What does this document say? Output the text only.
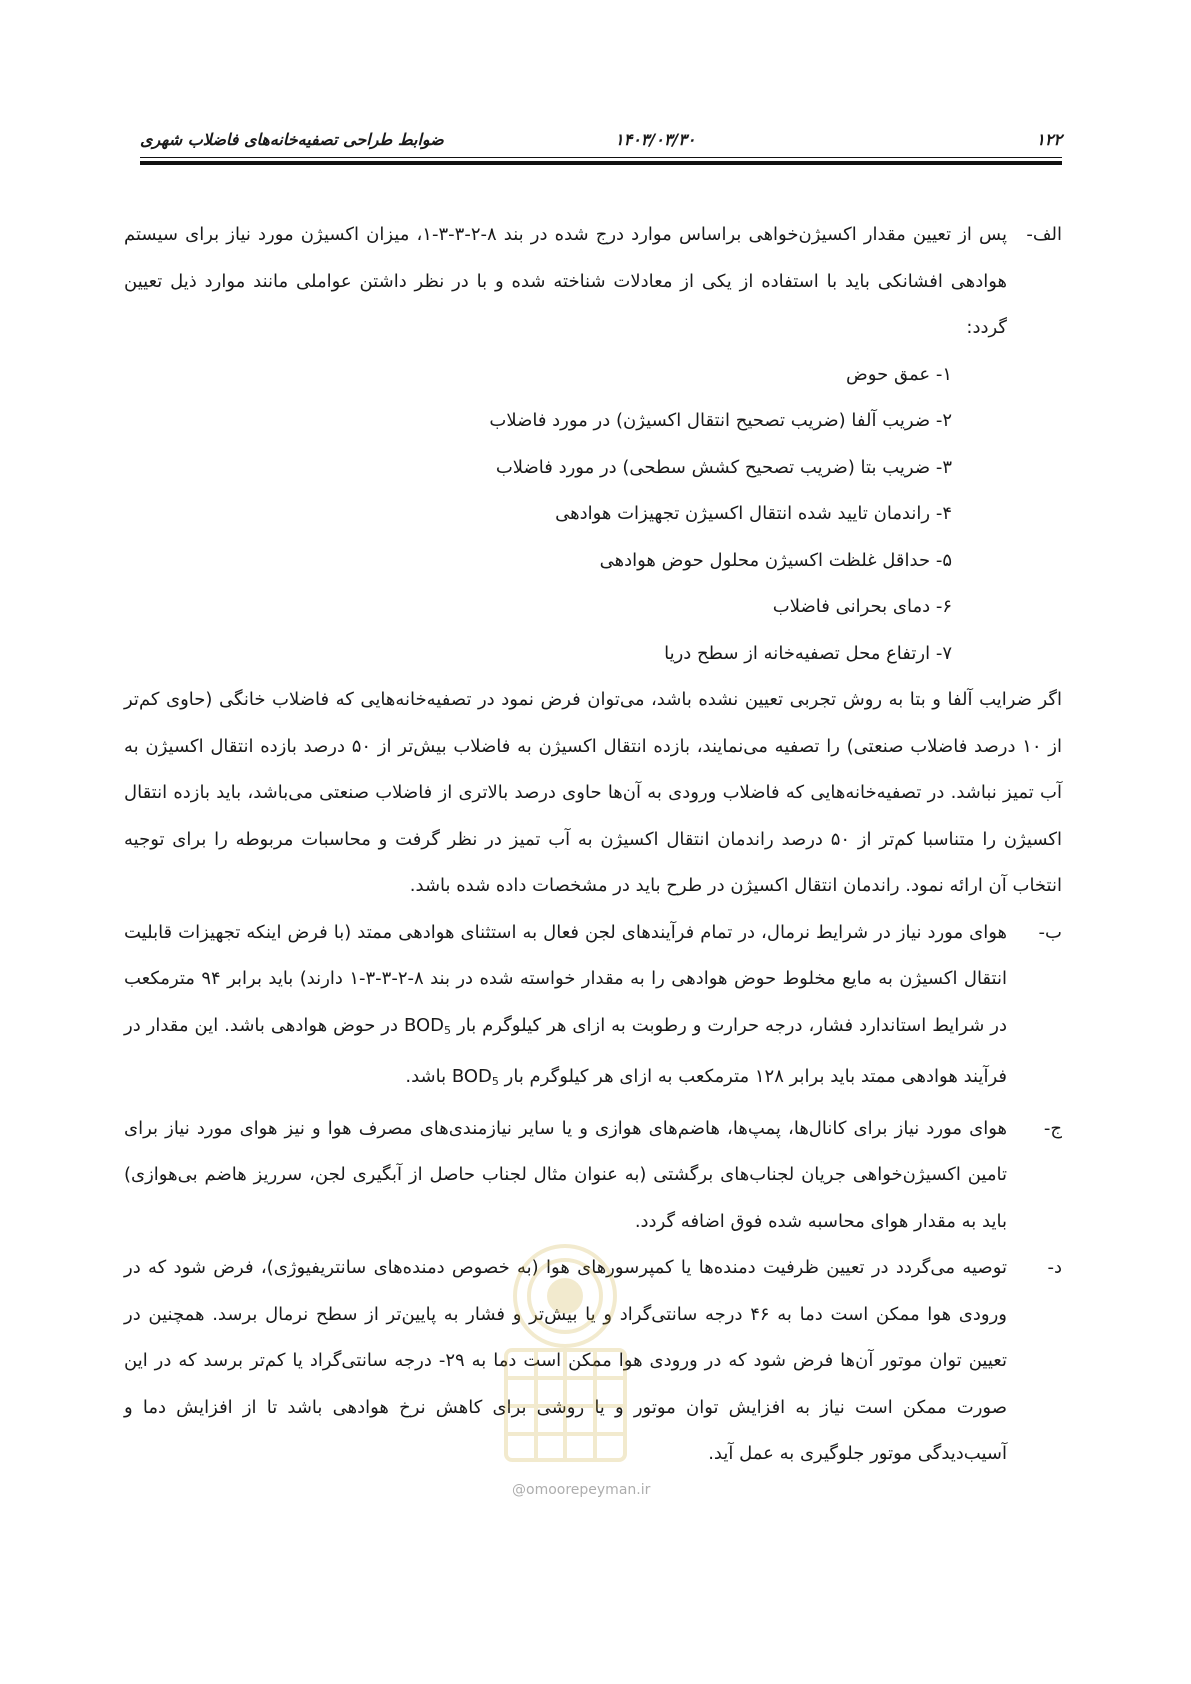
۱۲۲
۱۴۰۳/۰۳/۳۰
ضوابط طراحی تصفیه‌خانه‌های فاضلاب شهری
الف-

پس از تعیین مقدار اکسیژن‌خواهی براساس موارد درج شده در بند ۸-۲-۳-۳-۱، میزان اکسیژن مورد نیاز برای سیستم هوادهی افشانکی باید با استفاده از یکی از معادلات شناخته شده و با در نظر داشتن عواملی مانند موارد ذیل تعیین گردد:

۱- عمق حوض

۲- ضریب آلفا (ضریب تصحیح انتقال اکسیژن) در مورد فاضلاب

۳- ضریب بتا (ضریب تصحیح کشش سطحی) در مورد فاضلاب

۴- راندمان تایید شده انتقال اکسیژن تجهیزات هوادهی

۵- حداقل غلظت اکسیژن محلول حوض هوادهی

۶- دمای بحرانی فاضلاب

۷- ارتفاع محل تصفیه‌خانه از سطح دریا

اگر ضرایب آلفا و بتا به روش تجربی تعیین نشده باشد، می‌توان فرض نمود در تصفیه‌خانه‌هایی که فاضلاب خانگی (حاوی کم‌تر از ۱۰ درصد فاضلاب صنعتی) را تصفیه می‌نمایند، بازده انتقال اکسیژن به فاضلاب بیش‌تر از ۵۰ درصد بازده انتقال اکسیژن به آب تمیز نباشد. در تصفیه‌خانه‌هایی که فاضلاب ورودی به آن‌ها حاوی درصد بالاتری از فاضلاب صنعتی می‌باشد، باید بازده انتقال اکسیژن را متناسبا کم‌تر از ۵۰ درصد راندمان انتقال اکسیژن به آب تمیز در نظر گرفت و محاسبات مربوطه را برای توجیه انتخاب آن ارائه نمود. راندمان انتقال اکسیژن در طرح باید در مشخصات داده شده باشد.

ب-

هوای مورد نیاز در شرایط نرمال، در تمام فرآیندهای لجن فعال به استثنای هوادهی ممتد (با فرض اینکه تجهیزات قابلیت انتقال اکسیژن به مایع مخلوط حوض هوادهی را به مقدار خواسته شده در بند ۸-۲-۳-۳-۱ دارند) باید برابر ۹۴ مترمکعب در شرایط استاندارد فشار، درجه حرارت و رطوبت به ازای هر کیلوگرم بار $BOD_5$ در حوض هوادهی باشد. این مقدار در فرآیند هوادهی ممتد باید برابر ۱۲۸ مترمکعب به ازای هر کیلوگرم بار $BOD_5$ باشد.

ج-

هوای مورد نیاز برای کانال‌ها، پمپ‌ها، هاضم‌های هوازی و یا سایر نیازمندی‌های مصرف هوا و نیز هوای مورد نیاز برای تامین اکسیژن‌خواهی جریان لجناب‌های برگشتی (به عنوان مثال لجناب حاصل از آبگیری لجن، سرریز هاضم بی‌هوازی) باید به مقدار هوای محاسبه شده فوق اضافه گردد.

د-

توصیه می‌گردد در تعیین ظرفیت دمنده‌ها یا کمپرسورهای هوا (به خصوص دمنده‌های سانتریفیوژی)، فرض شود که در ورودی هوا ممکن است دما به ۴۶ درجه سانتی‌گراد و یا بیش‌تر و فشار به پایین‌تر از سطح نرمال برسد. همچنین در تعیین توان موتور آن‌ها فرض شود که در ورودی هوا ممکن است دما به ۲۹- درجه سانتی‌گراد یا کم‌تر برسد که در این صورت ممکن است نیاز به افزایش توان موتور و یا روشی برای کاهش نرخ هوادهی باشد تا از افزایش دما و آسیب‌دیدگی موتور جلوگیری به عمل آید.

@omoorepeyman.ir
